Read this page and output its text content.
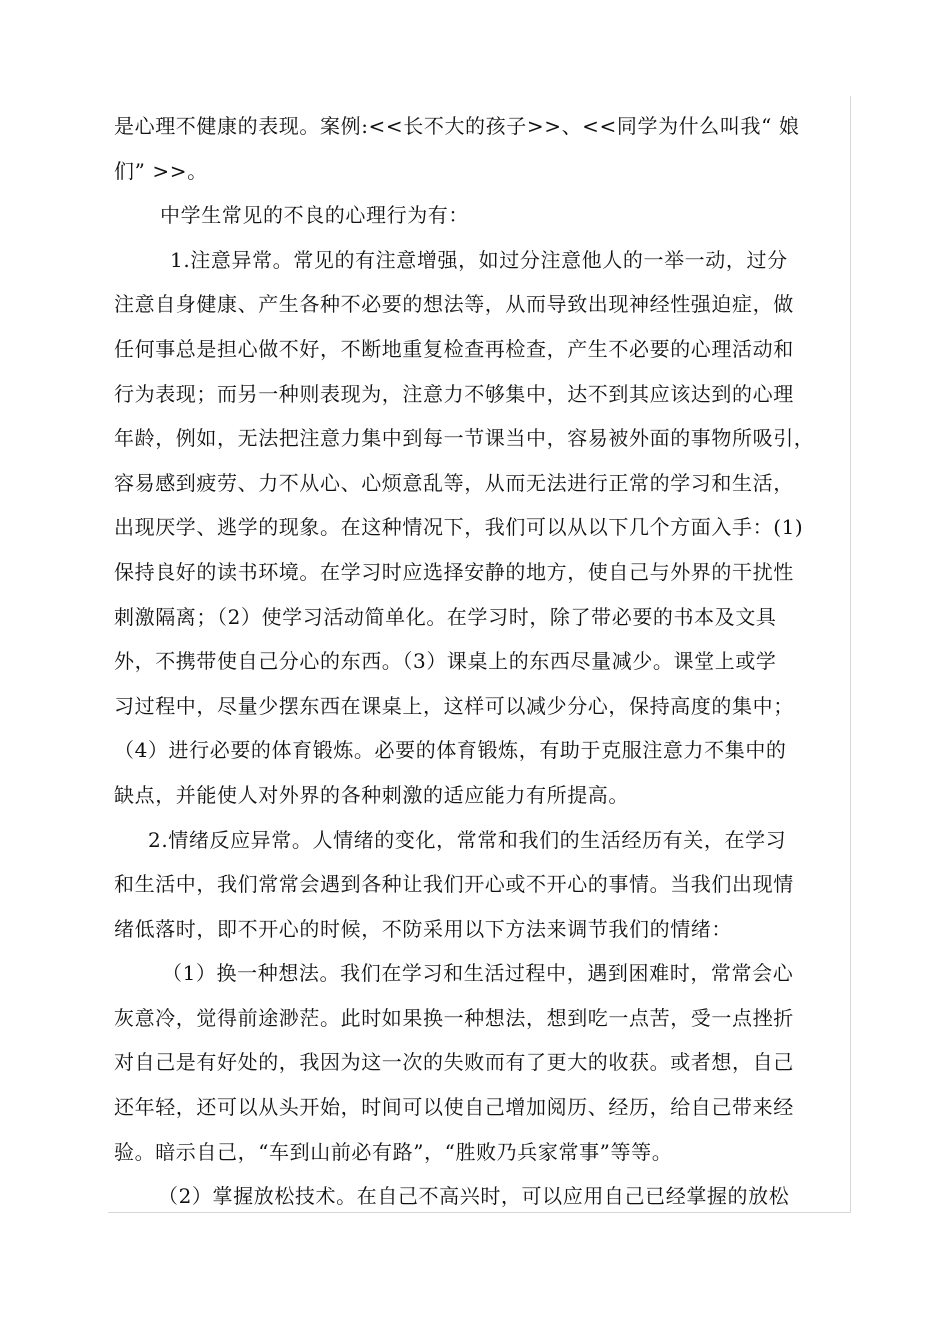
是心理不健康的表现。案例:<<长不大的孩子>>、<<同学为什么叫我“ 娘
们” >>。
中学生常见的不良的心理行为有：
1.注意异常。常见的有注意增强，如过分注意他人的一举一动，过分
注意自身健康、产生各种不必要的想法等，从而导致出现神经性强迫症，做
任何事总是担心做不好，不断地重复检查再检查，产生不必要的心理活动和
行为表现；而另一种则表现为，注意力不够集中，达不到其应该达到的心理
年龄，例如，无法把注意力集中到每一节课当中，容易被外面的事物所吸引，
容易感到疲劳、力不从心、心烦意乱等，从而无法进行正常的学习和生活，
出现厌学、逃学的现象。在这种情况下，我们可以从以下几个方面入手：(1)
保持良好的读书环境。在学习时应选择安静的地方，使自己与外界的干扰性
刺激隔离；（2）使学习活动简单化。在学习时，除了带必要的书本及文具
外，不携带使自己分心的东西。（3）课桌上的东西尽量减少。课堂上或学
习过程中，尽量少摆东西在课桌上，这样可以减少分心，保持高度的集中；
（4）进行必要的体育锻炼。必要的体育锻炼，有助于克服注意力不集中的
缺点，并能使人对外界的各种刺激的适应能力有所提高。
2.情绪反应异常。人情绪的变化，常常和我们的生活经历有关，在学习
和生活中，我们常常会遇到各种让我们开心或不开心的事情。当我们出现情
绪低落时，即不开心的时候，不防采用以下方法来调节我们的情绪：
（1）换一种想法。我们在学习和生活过程中，遇到困难时，常常会心
灰意冷，觉得前途渺茫。此时如果换一种想法，想到吃一点苦，受一点挫折
对自己是有好处的，我因为这一次的失败而有了更大的收获。或者想，自己
还年轻，还可以从头开始，时间可以使自己增加阅历、经历，给自己带来经
验。暗示自己，“车到山前必有路”，“胜败乃兵家常事”等等。
（2）掌握放松技术。在自己不高兴时，可以应用自己已经掌握的放松
